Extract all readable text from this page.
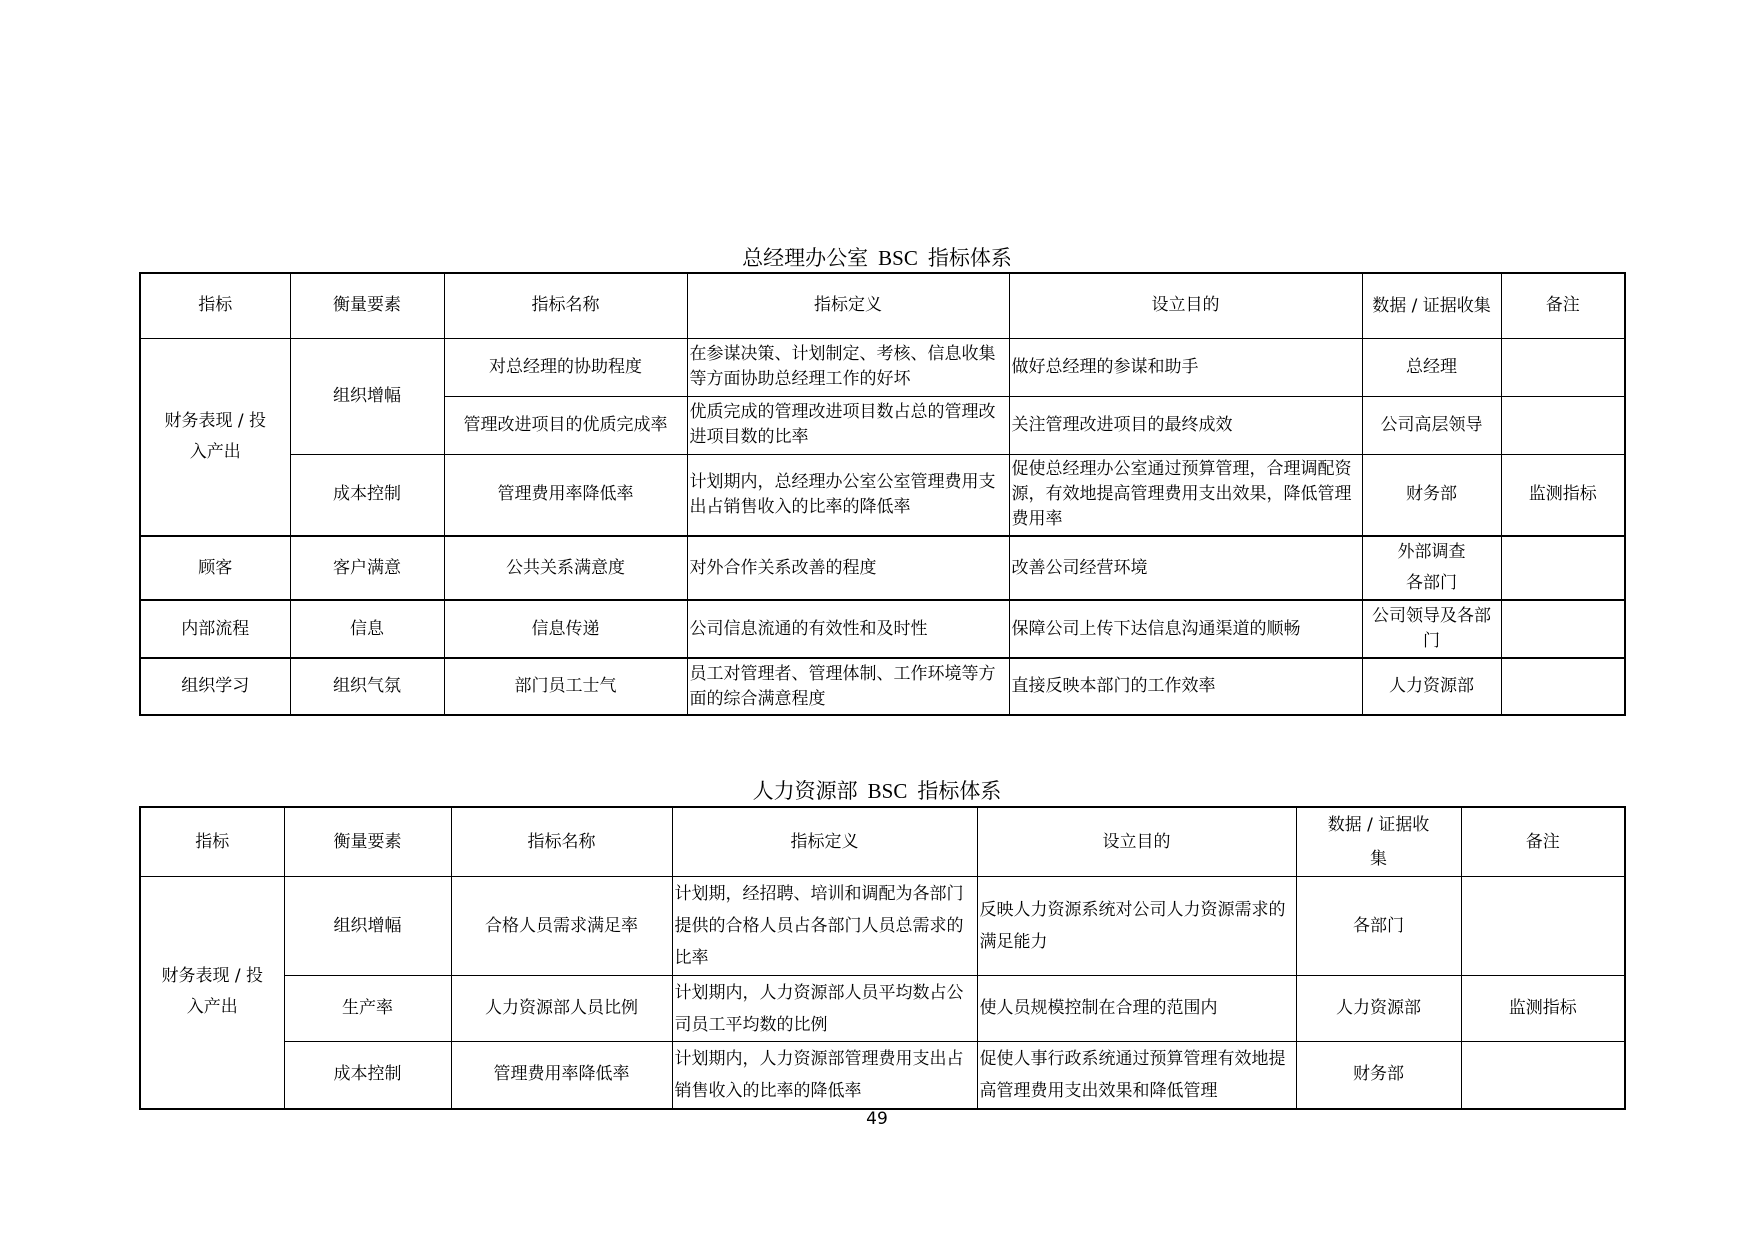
总经理办公室 BSC 指标体系
指标	衡量要素	指标名称	指标定义	设立目的	数据 / 证据收集	备注
财务表现 / 投入产出	组织增幅	对总经理的协助程度	在参谋决策、计划制定、考核、信息收集等方面协助总经理工作的好坏	做好总经理的参谋和助手	总经理	
		管理改进项目的优质完成率	优质完成的管理改进项目数占总的管理改进项目数的比率	关注管理改进项目的最终成效	公司高层领导	
	成本控制	管理费用率降低率	计划期内，总经理办公室公室管理费用支出占销售收入的比率的降低率	促使总经理办公室通过预算管理，合理调配资源，有效地提高管理费用支出效果，降低管理费用率	财务部	监测指标
顾客	客户满意	公共关系满意度	对外合作关系改善的程度	改善公司经营环境	外部调查 各部门	
内部流程	信息	信息传递	公司信息流通的有效性和及时性	保障公司上传下达信息沟通渠道的顺畅	公司领导及各部门	
组织学习	组织气氛	部门员工士气	员工对管理者、管理体制、工作环境等方面的综合满意程度	直接反映本部门的工作效率	人力资源部	
人力资源部 BSC 指标体系
指标	衡量要素	指标名称	指标定义	设立目的	数据 / 证据收集	备注
财务表现 / 投入产出	组织增幅	合格人员需求满足率	计划期，经招聘、培训和调配为各部门提供的合格人员占各部门人员总需求的比率	反映人力资源系统对公司人力资源需求的满足能力	各部门	
	生产率	人力资源部人员比例	计划期内，人力资源部人员平均数占公司员工平均数的比例	使人员规模控制在合理的范围内	人力资源部	监测指标
	成本控制	管理费用率降低率	计划期内，人力资源部管理费用支出占销售收入的比率的降低率	促使人事行政系统通过预算管理有效地提高管理费用支出效果和降低管理	财务部	
49
